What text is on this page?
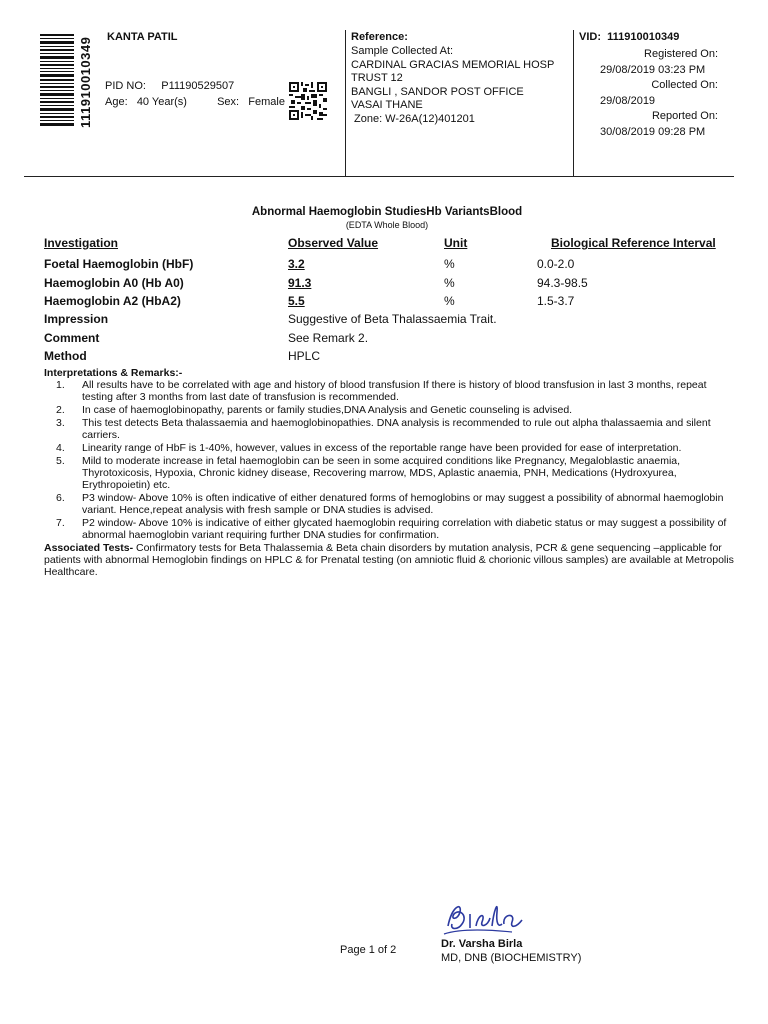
111910010349 KANTA PATIL
PID NO: P11190529507
Age: 40 Year(s)	Sex: Female
Reference:
Sample Collected At:
CARDINAL GRACIAS MEMORIAL HOSP
TRUST 12
BANGLI , SANDOR POST OFFICE
VASAI THANE
Zone: W-26A(12)401201
VID: 111910010349
Registered On:
29/08/2019 03:23 PM
Collected On:
29/08/2019
Reported On:
30/08/2019 09:28 PM
Abnormal Haemoglobin StudiesHb VariantsBlood
(EDTA Whole Blood)
Investigation	Observed Value	Unit	Biological Reference Interval
Foetal Haemoglobin (HbF)	3.2	%	0.0-2.0
Haemoglobin A0 (Hb A0)	91.3	%	94.3-98.5
Haemoglobin A2 (HbA2)	5.5	%	1.5-3.7
Impression	Suggestive of Beta Thalassaemia Trait.
Comment	See Remark 2.
Method	HPLC
Interpretations & Remarks:-
1. All results have to be correlated with age and history of blood transfusion If there is history of blood transfusion in last 3 months, repeat testing after 3 months from last date of transfusion is recommended.
2. In case of haemoglobinopathy, parents or family studies,DNA Analysis and Genetic counseling is advised.
3. This test detects Beta thalassaemia and haemoglobinopathies. DNA analysis is recommended to rule out alpha thalassaemia and silent carriers.
4. Linearity range of HbF is 1-40%, however, values in excess of the reportable range have been provided for ease of interpretation.
5. Mild to moderate increase in fetal haemoglobin can be seen in some acquired conditions like Pregnancy, Megaloblastic anaemia, Thyrotoxicosis, Hypoxia, Chronic kidney disease, Recovering marrow, MDS, Aplastic anaemia, PNH, Medications (Hydroxyurea, Erythropoietin) etc.
6. P3 window- Above 10% is often indicative of either denatured forms of hemoglobins or may suggest a possibility of abnormal haemoglobin variant. Hence,repeat analysis with fresh sample or DNA studies is advised.
7. P2 window- Above 10% is indicative of either glycated haemoglobin requiring correlation with diabetic status or may suggest a possibility of abnormal haemoglobin variant requiring further DNA studies for confirmation.
Associated Tests- Confirmatory tests for Beta Thalassemia & Beta chain disorders by mutation analysis, PCR & gene sequencing –applicable for patients with abnormal Hemoglobin findings on HPLC & for Prenatal testing (on amniotic fluid & chorionic villous samples) are available at Metropolis Healthcare.
Page 1 of 2	Dr. Varsha Birla
MD, DNB (BIOCHEMISTRY)
